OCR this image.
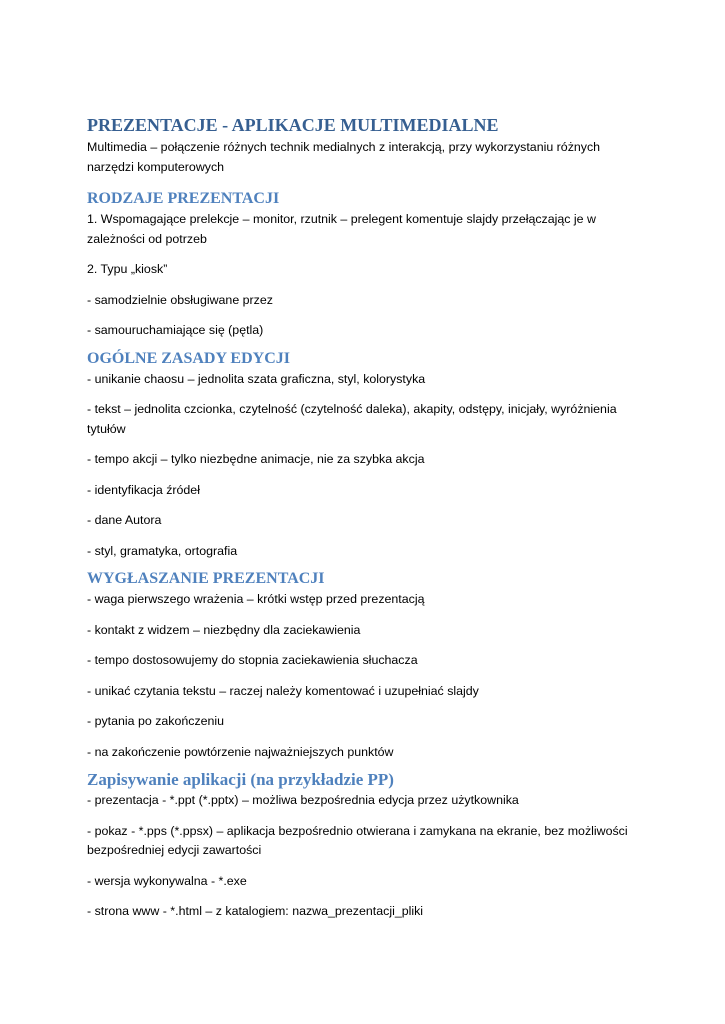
PREZENTACJE - APLIKACJE MULTIMEDIALNE

Multimedia – połączenie różnych technik medialnych z interakcją, przy wykorzystaniu różnych narzędzi komputerowych

RODZAJE PREZENTACJI

1. Wspomagające prelekcje – monitor, rzutnik – prelegent komentuje slajdy przełączając je w zależności od potrzeb

2. Typu „kiosk”

- samodzielnie obsługiwane przez

- samouruchamiające się (pętla)

OGÓLNE ZASADY EDYCJI

- unikanie chaosu – jednolita szata graficzna, styl, kolorystyka

- tekst – jednolita czcionka, czytelność (czytelność daleka), akapity, odstępy, inicjały, wyróżnienia tytułów

- tempo akcji – tylko niezbędne animacje, nie za szybka akcja

- identyfikacja źródeł

- dane Autora

- styl, gramatyka, ortografia

WYGŁASZANIE PREZENTACJI

- waga pierwszego wrażenia – krótki wstęp przed prezentacją

- kontakt z widzem – niezbędny dla zaciekawienia

- tempo dostosowujemy do stopnia zaciekawienia słuchacza

- unikać czytania tekstu – raczej należy komentować i uzupełniać slajdy

- pytania po zakończeniu

- na zakończenie powtórzenie najważniejszych punktów

Zapisywanie aplikacji (na przykładzie PP)

- prezentacja - *.ppt (*.pptx) – możliwa bezpośrednia edycja przez użytkownika

- pokaz - *.pps (*.ppsx) – aplikacja bezpośrednio otwierana i zamykana na ekranie, bez możliwości bezpośredniej edycji zawartości

- wersja wykonywalna - *.exe

- strona www - *.html – z katalogiem: nazwa_prezentacji_pliki
